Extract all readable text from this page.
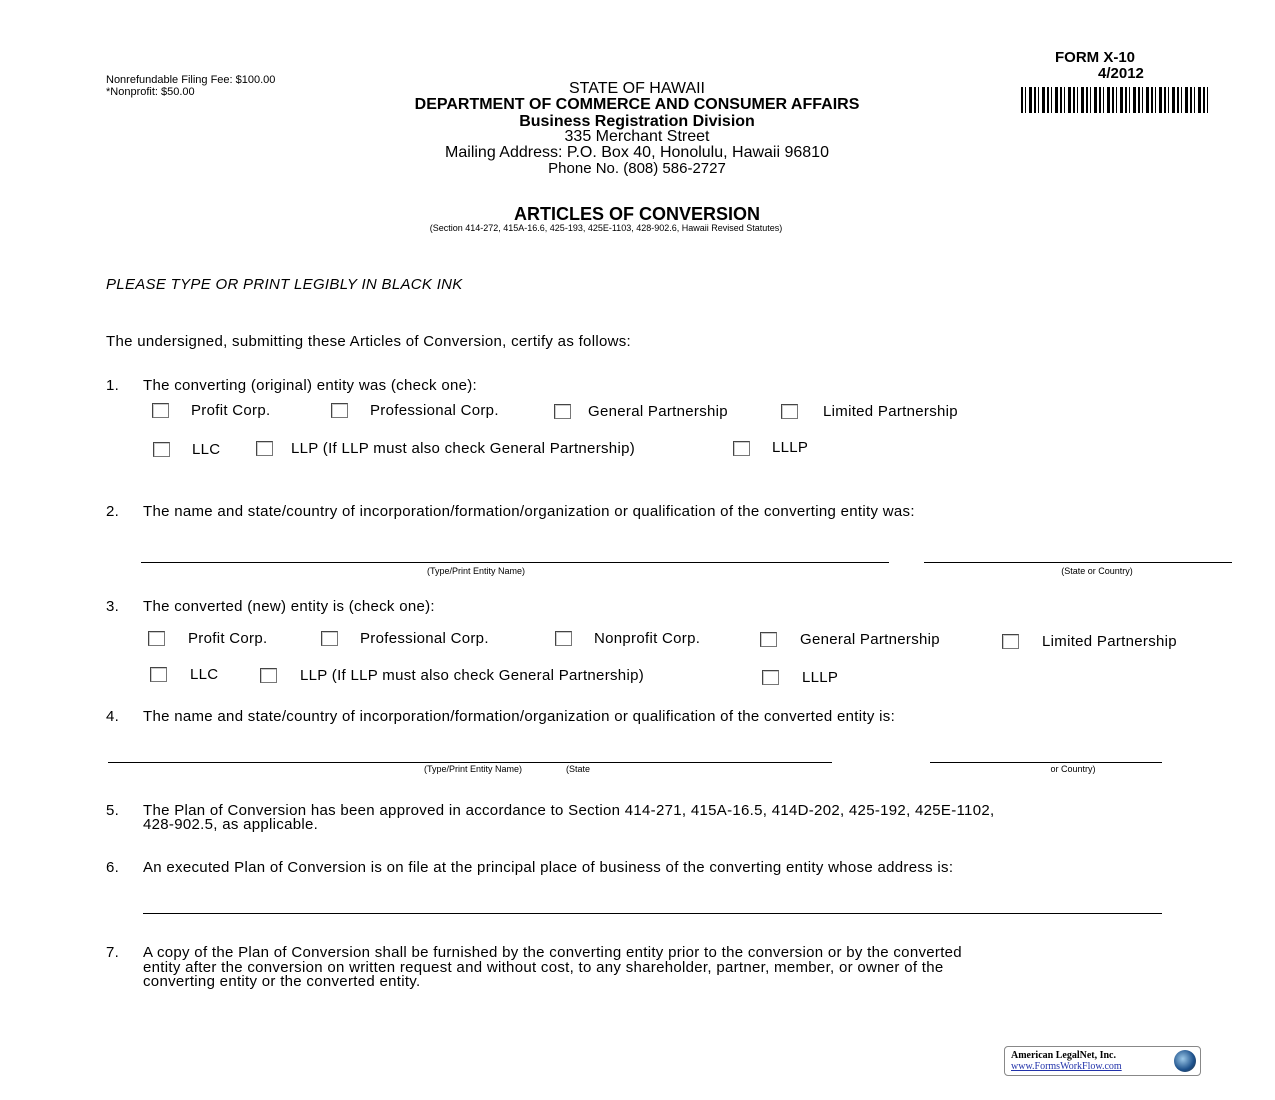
Nonrefundable Filing Fee: $100.00
*Nonprofit: $50.00
FORM X-10
4/2012
STATE OF HAWAII
DEPARTMENT OF COMMERCE AND CONSUMER AFFAIRS
Business Registration Division
335 Merchant Street
Mailing Address: P.O. Box 40, Honolulu, Hawaii 96810
Phone No. (808) 586-2727
ARTICLES OF CONVERSION
(Section 414-272, 415A-16.6, 425-193, 425E-1103, 428-902.6, Hawaii Revised Statutes)
PLEASE TYPE OR PRINT LEGIBLY IN BLACK INK
The undersigned, submitting these Articles of Conversion, certify as follows:
1. The converting (original) entity was (check one):
Profit Corp.	Professional Corp.	General Partnership	Limited Partnership
LLC	LLP (If LLP must also check General Partnership)	LLLP
2. The name and state/country of incorporation/formation/organization or qualification of the converting entity was:
(Type/Print Entity Name)	(State or Country)
3. The converted (new) entity is (check one):
Profit Corp.	Professional Corp.	Nonprofit Corp.	General Partnership	Limited Partnership
LLC	LLP (If LLP must also check General Partnership)	LLLP
4. The name and state/country of incorporation/formation/organization or qualification of the converted entity is:
(Type/Print Entity Name)	(State	or Country)
5. The Plan of Conversion has been approved in accordance to Section 414-271, 415A-16.5, 414D-202, 425-192, 425E-1102,
428-902.5, as applicable.
6. An executed Plan of Conversion is on file at the principal place of business of the converting entity whose address is:
7. A copy of the Plan of Conversion shall be furnished by the converting entity prior to the conversion or by the converted
entity after the conversion on written request and without cost, to any shareholder, partner, member, or owner of the
converting entity or the converted entity.
American LegalNet, Inc.
www.FormsWorkFlow.com
